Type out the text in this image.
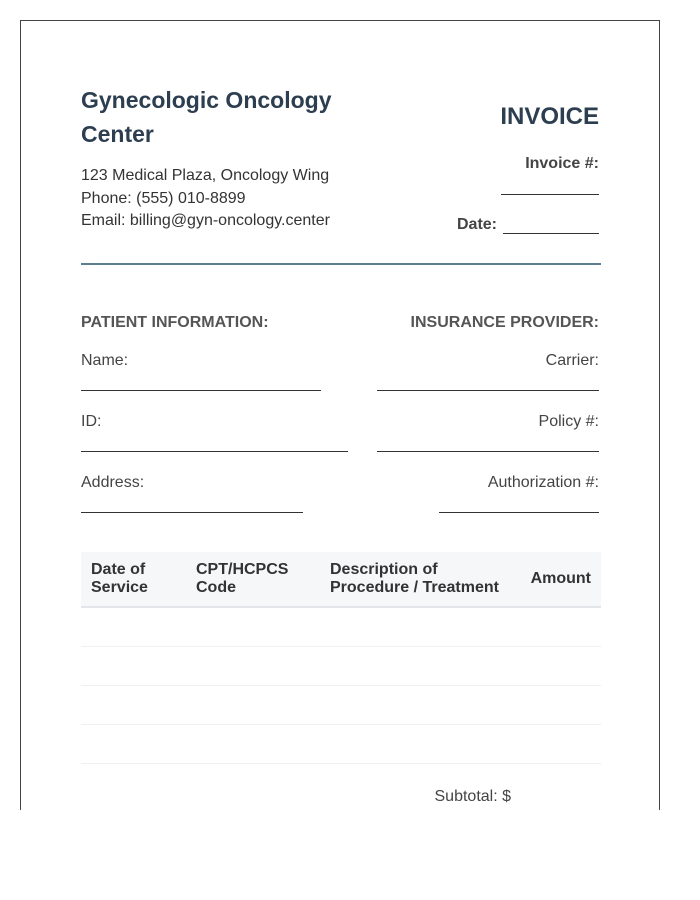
Gynecologic Oncology Center
123 Medical Plaza, Oncology Wing
Phone: (555) 010-8899
Email: billing@gyn-oncology.center
INVOICE
Invoice #:
Date:
PATIENT INFORMATION:
Name:
ID:
Address:
INSURANCE PROVIDER:
Carrier:
Policy #:
Authorization #:
Date of Service	CPT/HCPCS Code	Description of Procedure / Treatment	Amount

Subtotal: $
